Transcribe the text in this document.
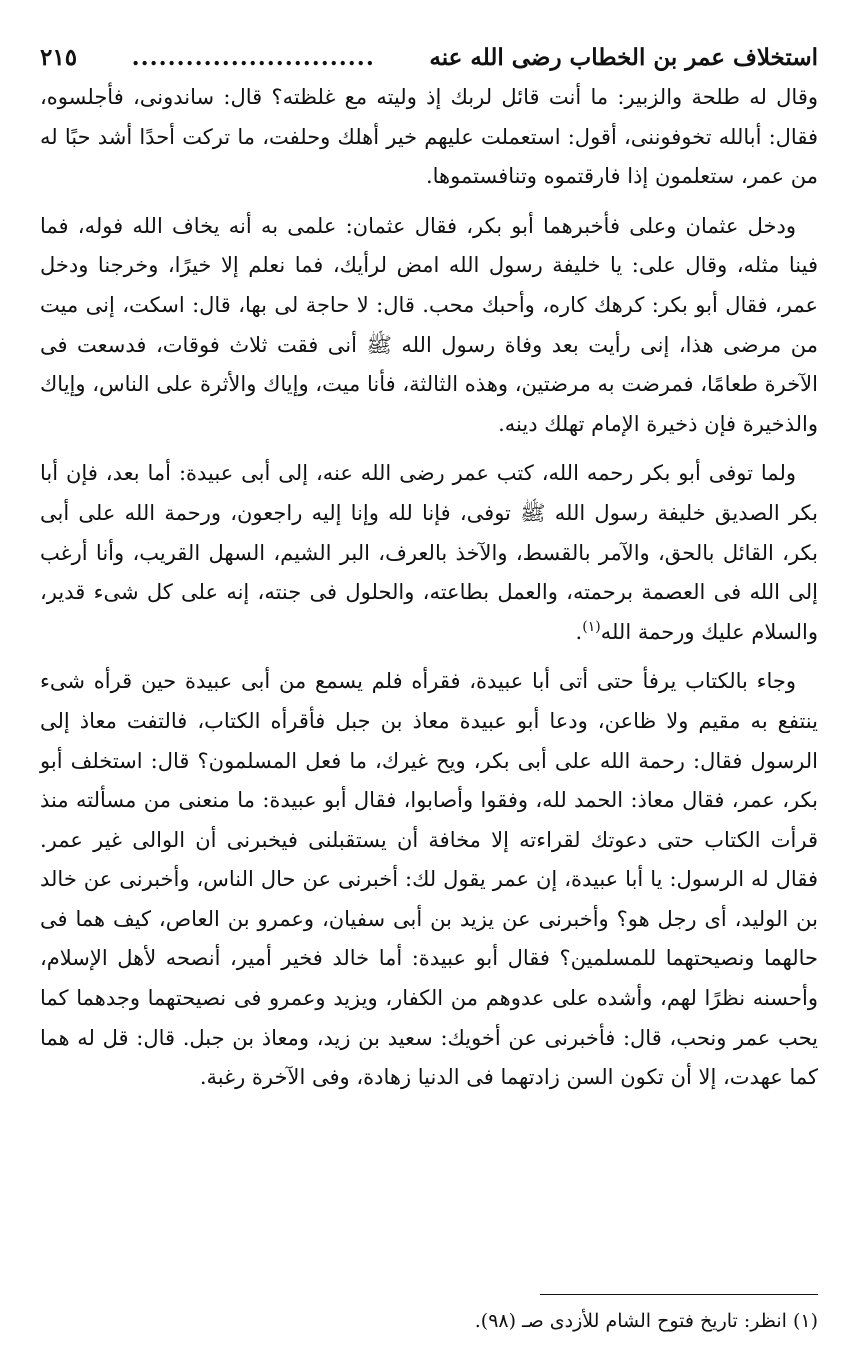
استخلاف عمر بن الخطاب رضى الله عنه
...........................
٢١٥

وقال له طلحة والزبير: ما أنت قائل لربك إذ وليته مع غلظته؟ قال: ساندونى، فأجلسوه، فقال: أبالله تخوفوننى، أقول: استعملت عليهم خير أهلك وحلفت، ما تركت أحدًا أشد حبًا له من عمر، ستعلمون إذا فارقتموه وتنافستموها.

ودخل عثمان وعلى فأخبرهما أبو بكر، فقال عثمان: علمى به أنه يخاف الله فوله، فما فينا مثله، وقال على: يا خليفة رسول الله امض لرأيك، فما نعلم إلا خيرًا، وخرجنا ودخل عمر، فقال أبو بكر: كرهك كاره، وأحبك محب. قال: لا حاجة لى بها، قال: اسكت، إنى ميت من مرضى هذا، إنى رأيت بعد وفاة رسول الله ﷺ أنى فقت ثلاث فوقات، فدسعت فى الآخرة طعامًا، فمرضت به مرضتين، وهذه الثالثة، فأنا ميت، وإياك والأثرة على الناس، وإياك والذخيرة فإن ذخيرة الإمام تهلك دينه.

ولما توفى أبو بكر رحمه الله، كتب عمر رضى الله عنه، إلى أبى عبيدة: أما بعد، فإن أبا بكر الصديق خليفة رسول الله ﷺ توفى، فإنا لله وإنا إليه راجعون، ورحمة الله على أبى بكر، القائل بالحق، والآمر بالقسط، والآخذ بالعرف، البر الشيم، السهل القريب، وأنا أرغب إلى الله فى العصمة برحمته، والعمل بطاعته، والحلول فى جنته، إنه على كل شىء قدير، والسلام عليك ورحمة الله$^{(١)}$.

وجاء بالكتاب يرفأ حتى أتى أبا عبيدة، فقرأه فلم يسمع من أبى عبيدة حين قرأه شىء ينتفع به مقيم ولا ظاعن، ودعا أبو عبيدة معاذ بن جبل فأقرأه الكتاب، فالتفت معاذ إلى الرسول فقال: رحمة الله على أبى بكر، ويح غيرك، ما فعل المسلمون؟ قال: استخلف أبو بكر، عمر، فقال معاذ: الحمد لله، وفقوا وأصابوا، فقال أبو عبيدة: ما منعنى من مسألته منذ قرأت الكتاب حتى دعوتك لقراءته إلا مخافة أن يستقبلنى فيخبرنى أن الوالى غير عمر. فقال له الرسول: يا أبا عبيدة، إن عمر يقول لك: أخبرنى عن حال الناس، وأخبرنى عن خالد بن الوليد، أى رجل هو؟ وأخبرنى عن يزيد بن أبى سفيان، وعمرو بن العاص، كيف هما فى حالهما ونصيحتهما للمسلمين؟ فقال أبو عبيدة: أما خالد فخير أمير، أنصحه لأهل الإسلام، وأحسنه نظرًا لهم، وأشده على عدوهم من الكفار، ويزيد وعمرو فى نصيحتهما وجدهما كما يحب عمر ونحب، قال: فأخبرنى عن أخويك: سعيد بن زيد، ومعاذ بن جبل. قال: قل له هما كما عهدت، إلا أن تكون السن زادتهما فى الدنيا زهادة، وفى الآخرة رغبة.

(١) انظر: تاريخ فتوح الشام للأزدى صـ (٩٨).
